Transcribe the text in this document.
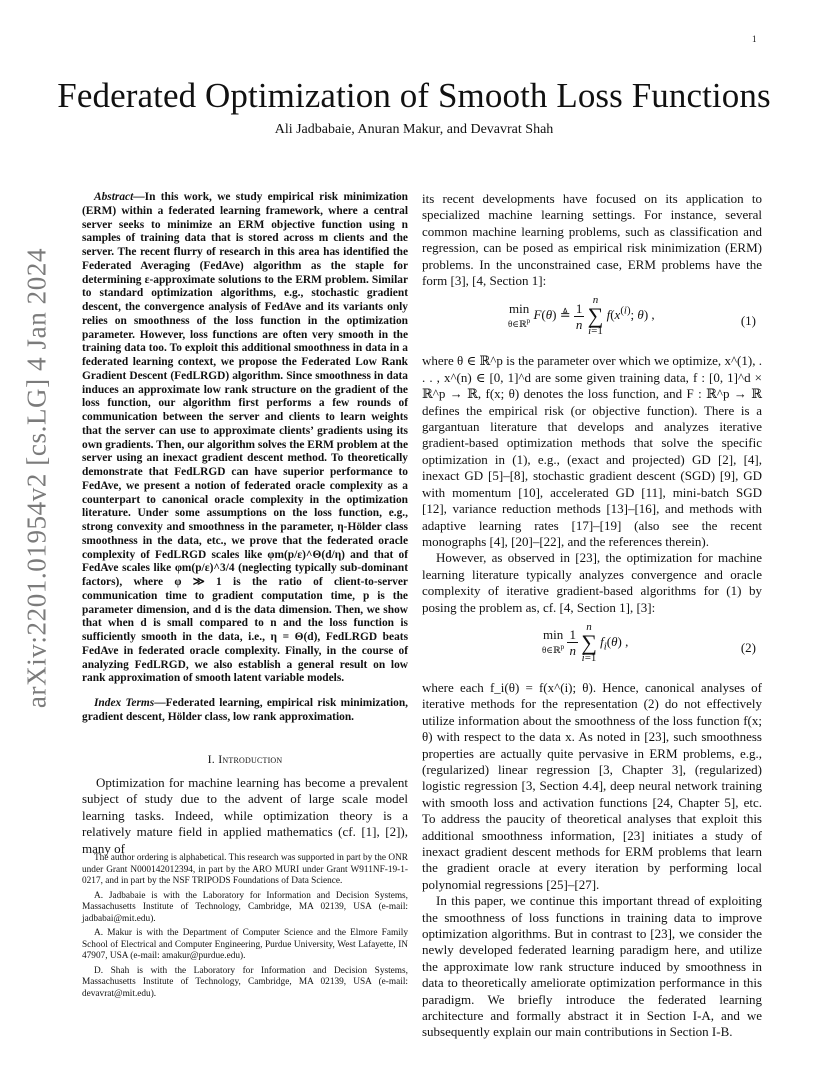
1
Federated Optimization of Smooth Loss Functions
Ali Jadbabaie, Anuran Makur, and Devavrat Shah
arXiv:2201.01954v2 [cs.LG] 4 Jan 2024

Abstract—In this work, we study empirical risk minimization (ERM) within a federated learning framework, where a central server seeks to minimize an ERM objective function using n samples of training data that is stored across m clients and the server. The recent flurry of research in this area has identified the Federated Averaging (FedAve) algorithm as the staple for determining ε-approximate solutions to the ERM problem. Similar to standard optimization algorithms, e.g., stochastic gradient descent, the convergence analysis of FedAve and its variants only relies on smoothness of the loss function in the optimization parameter. However, loss functions are often very smooth in the training data too. To exploit this additional smoothness in data in a federated learning context, we propose the Federated Low Rank Gradient Descent (FedLRGD) algorithm. Since smoothness in data induces an approximate low rank structure on the gradient of the loss function, our algorithm first performs a few rounds of communication between the server and clients to learn weights that the server can use to approximate clients’ gradients using its own gradients. Then, our algorithm solves the ERM problem at the server using an inexact gradient descent method. To theoretically demonstrate that FedLRGD can have superior performance to FedAve, we present a notion of federated oracle complexity as a counterpart to canonical oracle complexity in the optimization literature. Under some assumptions on the loss function, e.g., strong convexity and smoothness in the parameter, η-Hölder class smoothness in the data, etc., we prove that the federated oracle complexity of FedLRGD scales like φm(p/ε)^Θ(d/η) and that of FedAve scales like φm(p/ε)^3/4 (neglecting typically sub-dominant factors), where φ ≫ 1 is the ratio of client-to-server communication time to gradient computation time, p is the parameter dimension, and d is the data dimension. Then, we show that when d is small compared to n and the loss function is sufficiently smooth in the data, i.e., η = Θ(d), FedLRGD beats FedAve in federated oracle complexity. Finally, in the course of analyzing FedLRGD, we also establish a general result on low rank approximation of smooth latent variable models.

Index Terms—Federated learning, empirical risk minimization, gradient descent, Hölder class, low rank approximation.

I. Introduction

Optimization for machine learning has become a prevalent subject of study due to the advent of large scale model learning tasks. Indeed, while optimization theory is a relatively mature field in applied mathematics (cf. [1], [2]), many of

The author ordering is alphabetical. This research was supported in part by the ONR under Grant N000142012394, in part by the ARO MURI under Grant W911NF-19-1-0217, and in part by the NSF TRIPODS Foundations of Data Science.

A. Jadbabaie is with the Laboratory for Information and Decision Systems, Massachusetts Institute of Technology, Cambridge, MA 02139, USA (e-mail: jadbabai@mit.edu).

A. Makur is with the Department of Computer Science and the Elmore Family School of Electrical and Computer Engineering, Purdue University, West Lafayette, IN 47907, USA (e-mail: amakur@purdue.edu).

D. Shah is with the Laboratory for Information and Decision Systems, Massachusetts Institute of Technology, Cambridge, MA 02139, USA (e-mail: devavrat@mit.edu).

its recent developments have focused on its application to specialized machine learning settings. For instance, several common machine learning problems, such as classification and regression, can be posed as empirical risk minimization (ERM) problems. In the unconstrained case, ERM problems have the form [3], [4, Section 1]:

min
θ∈ℝ$^p$ F(θ) ≜ $\frac{1}{n}$
n
∑
i=1 $f(x^{(i)}$; θ) ,	(1)

where θ ∈ ℝ^p is the parameter over which we optimize, x^(1), . . . , x^(n) ∈ [0, 1]^d are some given training data, f : [0, 1]^d × ℝ^p → ℝ, f(x; θ) denotes the loss function, and F : ℝ^p → ℝ defines the empirical risk (or objective function). There is a gargantuan literature that develops and analyzes iterative gradient-based optimization methods that solve the specific optimization in (1), e.g., (exact and projected) GD [2], [4], inexact GD [5]–[8], stochastic gradient descent (SGD) [9], GD with momentum [10], accelerated GD [11], mini-batch SGD [12], variance reduction methods [13]–[16], and methods with adaptive learning rates [17]–[19] (also see the recent monographs [4], [20]–[22], and the references therein).

However, as observed in [23], the optimization for machine learning literature typically analyzes convergence and oracle complexity of iterative gradient-based algorithms for (1) by posing the problem as, cf. [4, Section 1], [3]:

min
θ∈ℝ$^p$
$\frac{1}{n}$
n
∑
i=1 $f_i(\theta)$ ,	(2)

where each f_i(θ) = f(x^(i); θ). Hence, canonical analyses of iterative methods for the representation (2) do not effectively utilize information about the smoothness of the loss function f(x; θ) with respect to the data x. As noted in [23], such smoothness properties are actually quite pervasive in ERM problems, e.g., (regularized) linear regression [3, Chapter 3], (regularized) logistic regression [3, Section 4.4], deep neural network training with smooth loss and activation functions [24, Chapter 5], etc. To address the paucity of theoretical analyses that exploit this additional smoothness information, [23] initiates a study of inexact gradient descent methods for ERM problems that learn the gradient oracle at every iteration by performing local polynomial regressions [25]–[27].

In this paper, we continue this important thread of exploiting the smoothness of loss functions in training data to improve optimization algorithms. But in contrast to [23], we consider the newly developed federated learning paradigm here, and utilize the approximate low rank structure induced by smoothness in data to theoretically ameliorate optimization performance in this paradigm. We briefly introduce the federated learning architecture and formally abstract it in Section I-A, and we subsequently explain our main contributions in Section I-B.
